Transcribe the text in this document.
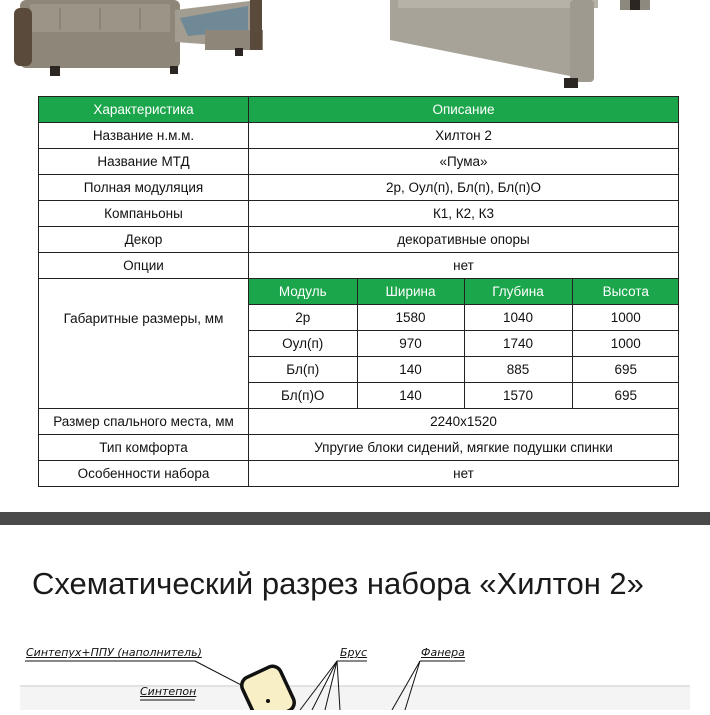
Характеристика	Описание
Название н.м.м.	Хилтон 2
Название МТД	«Пума»
Полная модуляция	2р, Оул(п), Бл(п), Бл(п)О
Компаньоны	К1, К2, К3
Декор	декоративные опоры
Опции	нет
Габаритные размеры, мм	
Модуль	Ширина	Глубина	Высота
2р	1580	1040	1000
Оул(п)	970	1740	1000
Бл(п)	140	885	695
Бл(п)О	140	1570	695

Размер спального места, мм	2240x1520
Тип комфорта	Упругие блоки сидений, мягкие подушки спинки
Особенности набора	нет
Схематический разрез набора «Хилтон 2»
Синтепух+ППУ (наполнитель)	Брус	Фанера
Синтепон
